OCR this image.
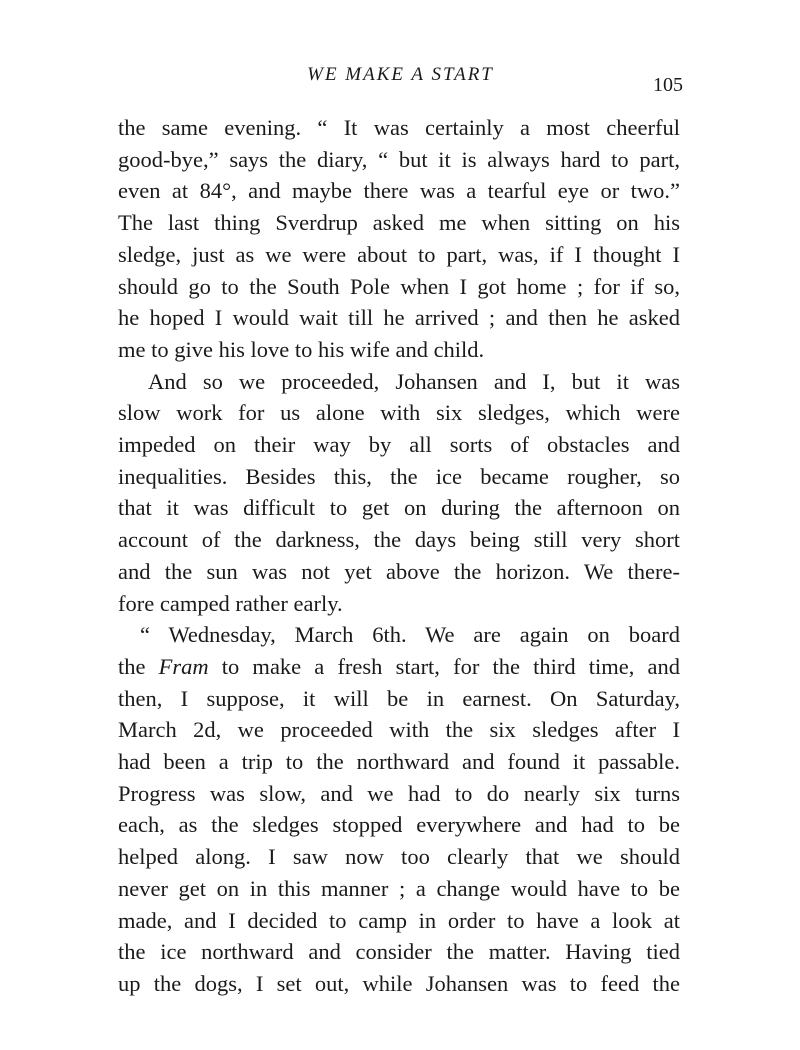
WE MAKE A START	105

the same evening. “ It was certainly a most cheerful
good-bye,” says the diary, “ but it is always hard to part,
even at 84°, and maybe there was a tearful eye or two.”
The last thing Sverdrup asked me when sitting on his
sledge, just as we were about to part, was, if I thought I
should go to the South Pole when I got home ; for if so,
he hoped I would wait till he arrived ; and then he asked
me to give his love to his wife and child.

And so we proceeded, Johansen and I, but it was
slow work for us alone with six sledges, which were
impeded on their way by all sorts of obstacles and
inequalities. Besides this, the ice became rougher, so
that it was difficult to get on during the afternoon on
account of the darkness, the days being still very short
and the sun was not yet above the horizon. We there-
fore camped rather early.

“ Wednesday, March 6th. We are again on board
the Fram to make a fresh start, for the third time, and
then, I suppose, it will be in earnest. On Saturday,
March 2d, we proceeded with the six sledges after I
had been a trip to the northward and found it passable.
Progress was slow, and we had to do nearly six turns
each, as the sledges stopped everywhere and had to be
helped along. I saw now too clearly that we should
never get on in this manner ; a change would have to be
made, and I decided to camp in order to have a look at
the ice northward and consider the matter. Having tied
up the dogs, I set out, while Johansen was to feed the
